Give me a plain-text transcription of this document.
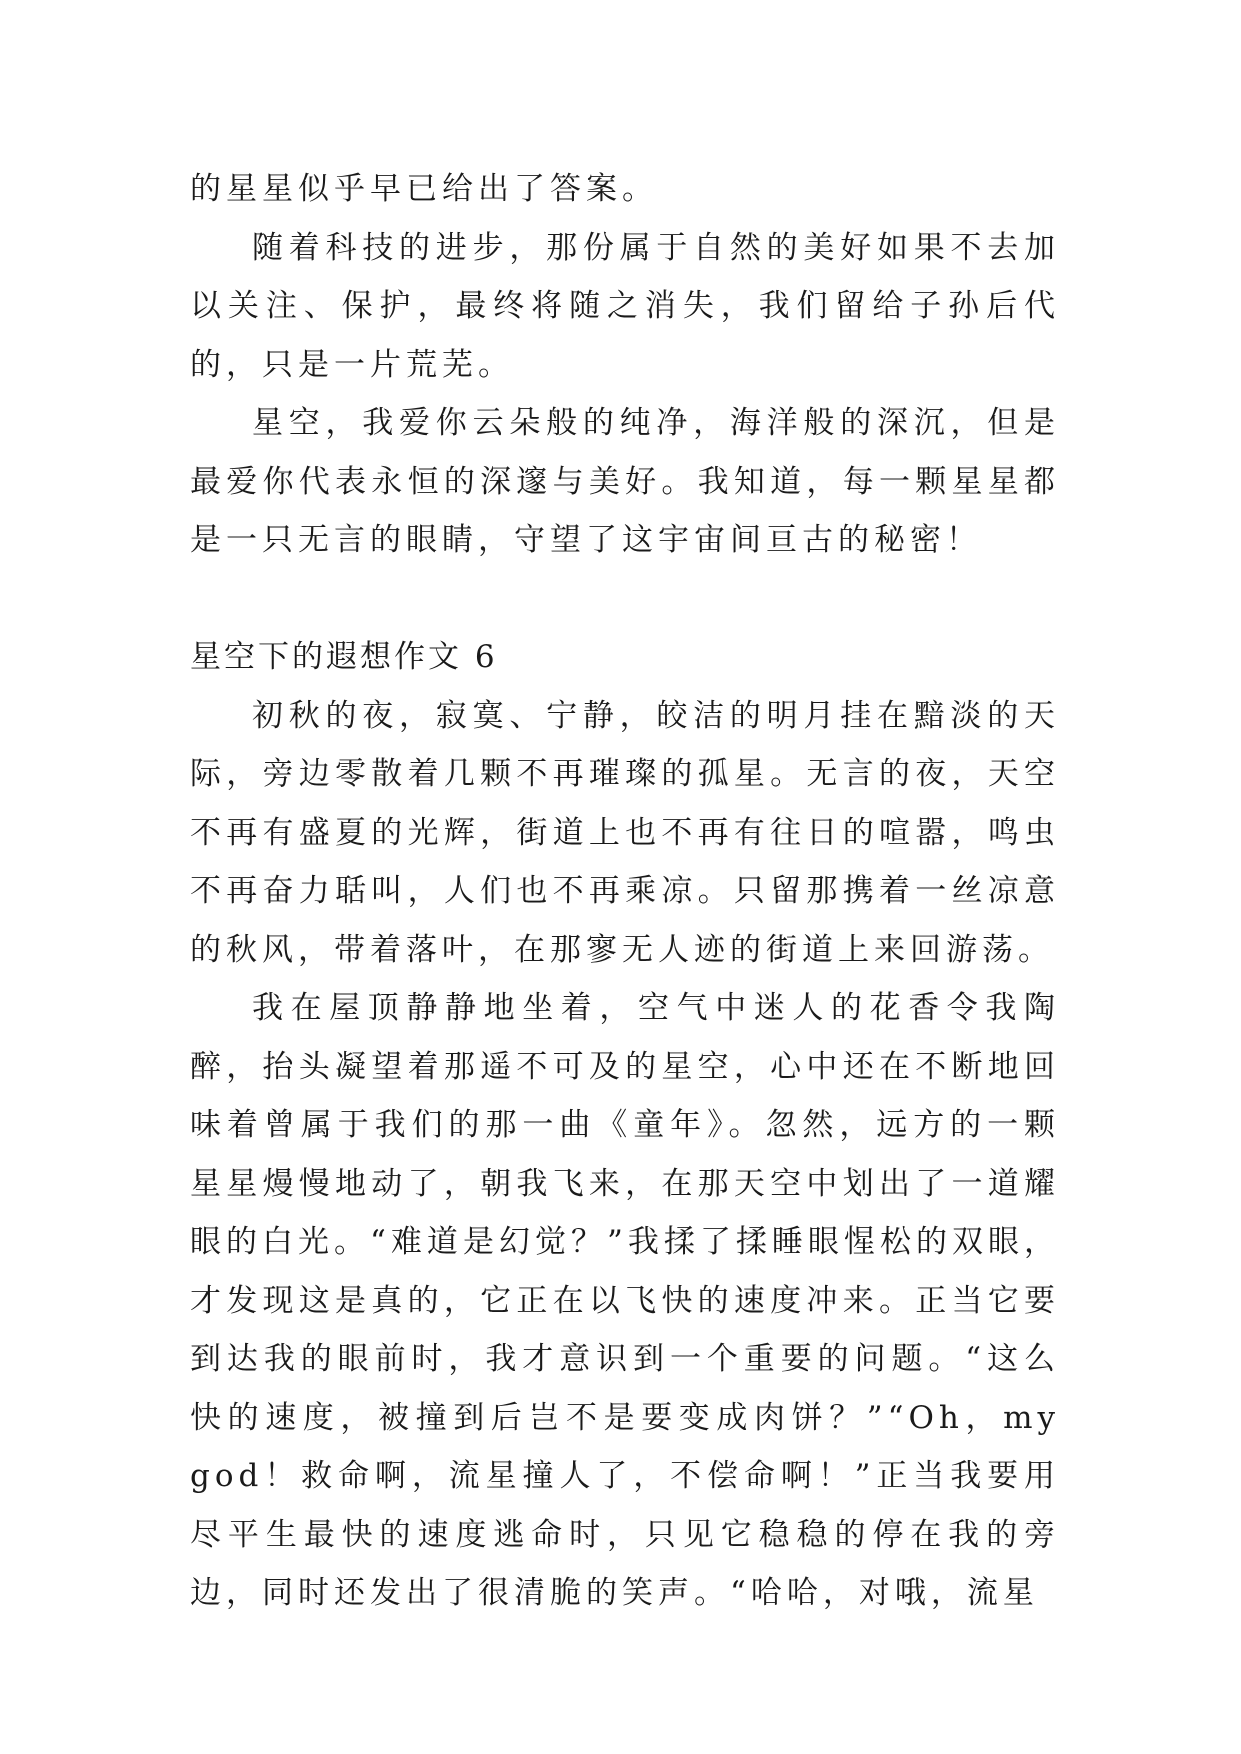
的星星似乎早已给出了答案。

随着科技的进步，那份属于自然的美好如果不去加以关注、保护，最终将随之消失，我们留给子孙后代的，只是一片荒芜。

星空，我爱你云朵般的纯净，海洋般的深沉，但是最爱你代表永恒的深邃与美好。我知道，每一颗星星都是一只无言的眼睛，守望了这宇宙间亘古的秘密！

星空下的遐想作文 6

初秋的夜，寂寞、宁静，皎洁的明月挂在黯淡的天际，旁边零散着几颗不再璀璨的孤星。无言的夜，天空不再有盛夏的光辉，街道上也不再有往日的喧嚣，鸣虫不再奋力聒叫，人们也不再乘凉。只留那携着一丝凉意的秋风，带着落叶，在那寥无人迹的街道上来回游荡。

我在屋顶静静地坐着，空气中迷人的花香令我陶醉，抬头凝望着那遥不可及的星空，心中还在不断地回味着曾属于我们的那一曲《童年》。忽然，远方的一颗星星熳慢地动了，朝我飞来，在那天空中划出了一道耀眼的白光。“难道是幻觉？”我揉了揉睡眼惺松的双眼，才发现这是真的，它正在以飞快的速度冲来。正当它要到达我的眼前时，我才意识到一个重要的问题。“这么快的速度，被撞到后岂不是要变成肉饼？”“Oh，my god！救命啊，流星撞人了，不偿命啊！”正当我要用尽平生最快的速度逃命时，只见它稳稳的停在我的旁边，同时还发出了很清脆的笑声。“哈哈，对哦，流星
